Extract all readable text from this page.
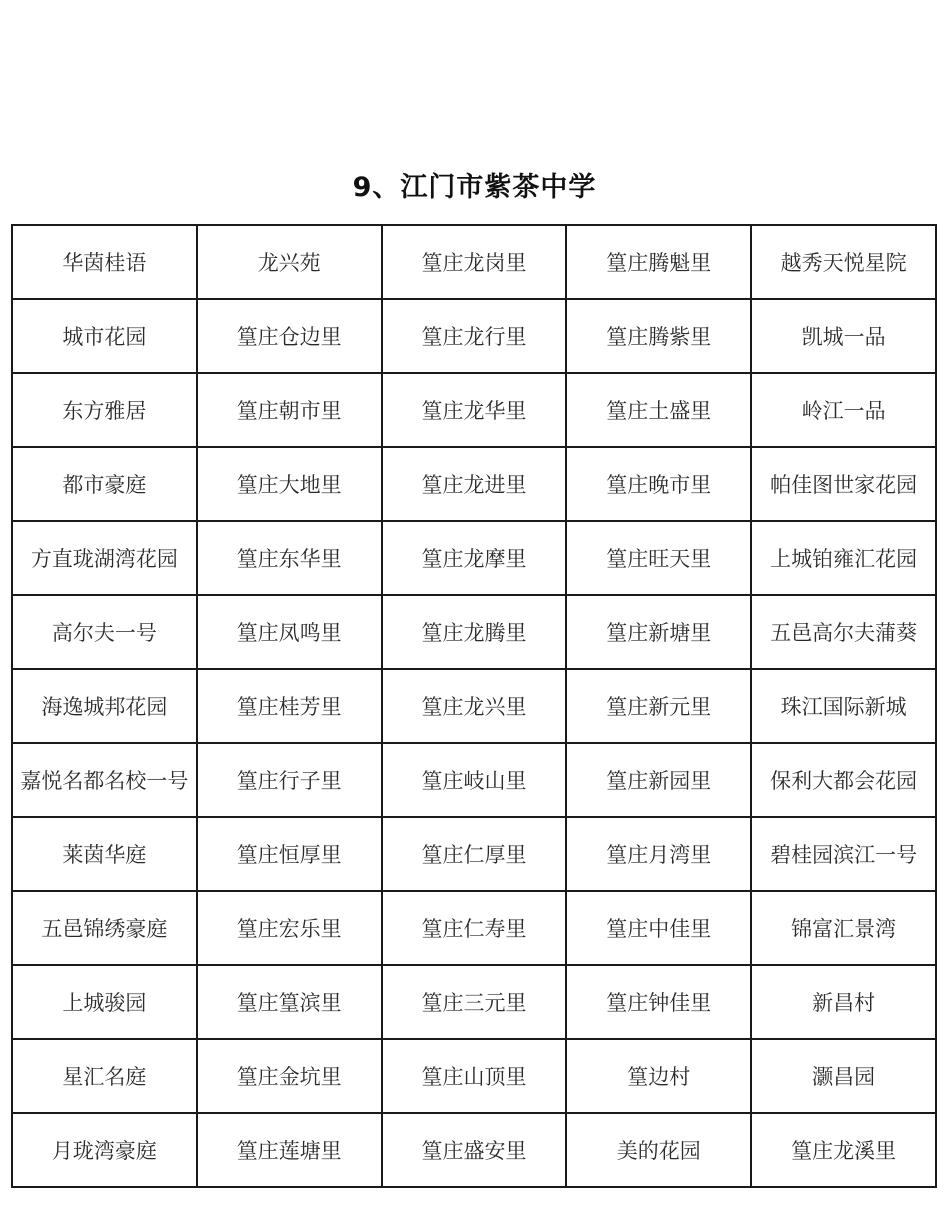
9、江门市紫茶中学
华茵桂语	龙兴苑	篁庄龙岗里	篁庄腾魁里	越秀天悦星院
城市花园	篁庄仓边里	篁庄龙行里	篁庄腾紫里	凯城一品
东方雅居	篁庄朝市里	篁庄龙华里	篁庄土盛里	岭江一品
都市豪庭	篁庄大地里	篁庄龙进里	篁庄晚市里	帕佳图世家花园
方直珑湖湾花园	篁庄东华里	篁庄龙摩里	篁庄旺天里	上城铂雍汇花园
高尔夫一号	篁庄凤鸣里	篁庄龙腾里	篁庄新塘里	五邑高尔夫蒲葵
海逸城邦花园	篁庄桂芳里	篁庄龙兴里	篁庄新元里	珠江国际新城
嘉悦名都名校一号	篁庄行子里	篁庄岐山里	篁庄新园里	保利大都会花园
莱茵华庭	篁庄恒厚里	篁庄仁厚里	篁庄月湾里	碧桂园滨江一号
五邑锦绣豪庭	篁庄宏乐里	篁庄仁寿里	篁庄中佳里	锦富汇景湾
上城骏园	篁庄篁滨里	篁庄三元里	篁庄钟佳里	新昌村
星汇名庭	篁庄金坑里	篁庄山顶里	篁边村	灏昌园
月珑湾豪庭	篁庄莲塘里	篁庄盛安里	美的花园	篁庄龙溪里
